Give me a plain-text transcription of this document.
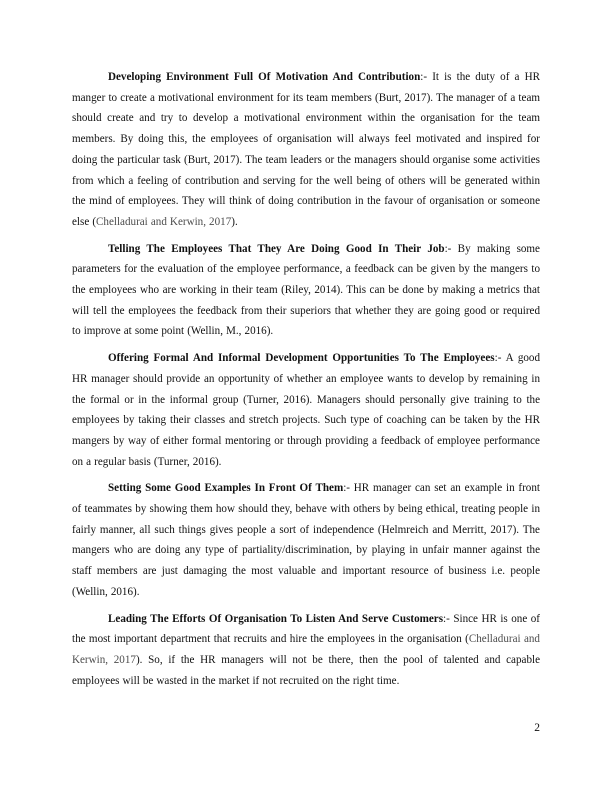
Developing Environment Full Of Motivation And Contribution:- It is the duty of a HR manger to create a motivational environment for its team members (Burt, 2017). The manager of a team should create and try to develop a motivational environment within the organisation for the team members. By doing this, the employees of organisation will always feel motivated and inspired for doing the particular task (Burt, 2017). The team leaders or the managers should organise some activities from which a feeling of contribution and serving for the well being of others will be generated within the mind of employees. They will think of doing contribution in the favour of organisation or someone else (Chelladurai and Kerwin, 2017).

Telling The Employees That They Are Doing Good In Their Job:- By making some parameters for the evaluation of the employee performance, a feedback can be given by the mangers to the employees who are working in their team (Riley, 2014). This can be done by making a metrics that will tell the employees the feedback from their superiors that whether they are going good or required to improve at some point (Wellin, M., 2016).

Offering Formal And Informal Development Opportunities To The Employees:- A good HR manager should provide an opportunity of whether an employee wants to develop by remaining in the formal or in the informal group (Turner, 2016). Managers should personally give training to the employees by taking their classes and stretch projects. Such type of coaching can be taken by the HR mangers by way of either formal mentoring or through providing a feedback of employee performance on a regular basis (Turner, 2016).

Setting Some Good Examples In Front Of Them:- HR manager can set an example in front of teammates by showing them how should they, behave with others by being ethical, treating people in fairly manner, all such things gives people a sort of independence (Helmreich and Merritt, 2017). The mangers who are doing any type of partiality/discrimination, by playing in unfair manner against the staff members are just damaging the most valuable and important resource of business i.e. people (Wellin, 2016).

Leading The Efforts Of Organisation To Listen And Serve Customers:- Since HR is one of the most important department that recruits and hire the employees in the organisation (Chelladurai and Kerwin, 2017). So, if the HR managers will not be there, then the pool of talented and capable employees will be wasted in the market if not recruited on the right time.

2
